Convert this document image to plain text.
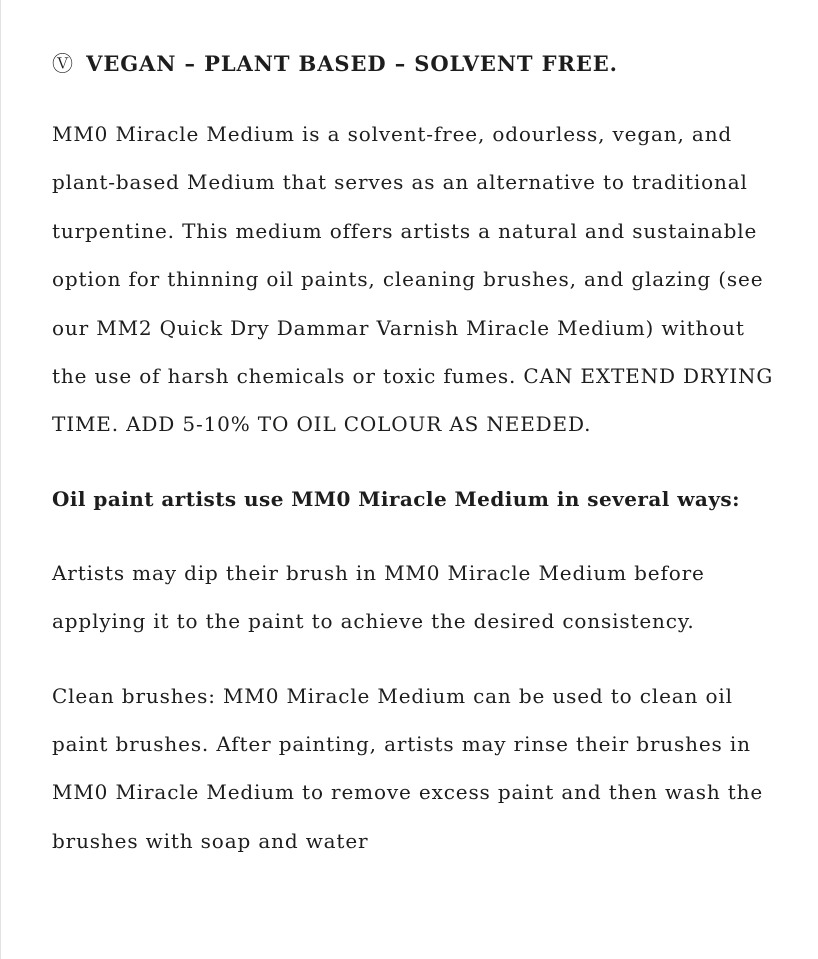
Ⓥ VEGAN – PLANT BASED – SOLVENT FREE.

MM0 Miracle Medium is a solvent-free, odourless, vegan, and plant-based Medium that serves as an alternative to traditional turpentine. This medium offers artists a natural and sustainable option for thinning oil paints, cleaning brushes, and glazing (see our MM2 Quick Dry Dammar Varnish Miracle Medium) without the use of harsh chemicals or toxic fumes. CAN EXTEND DRYING TIME. ADD 5-10% TO OIL COLOUR AS NEEDED.

Oil paint artists use MM0 Miracle Medium in several ways:

Artists may dip their brush in MM0 Miracle Medium before applying it to the paint to achieve the desired consistency.

Clean brushes: MM0 Miracle Medium can be used to clean oil paint brushes. After painting, artists may rinse their brushes in MM0 Miracle Medium to remove excess paint and then wash the brushes with soap and water
